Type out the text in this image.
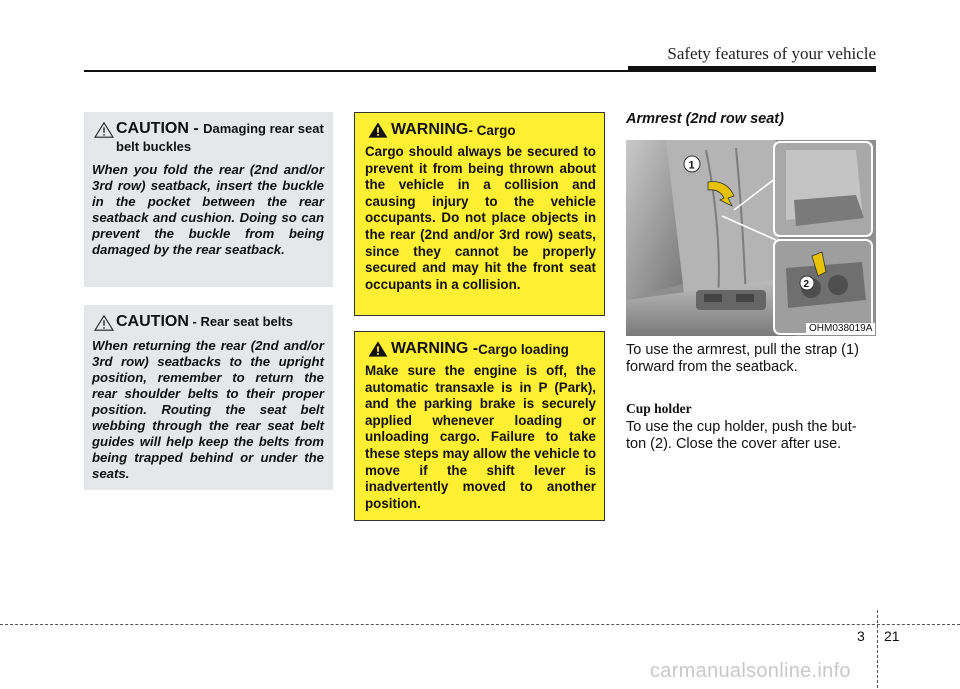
Safety features of your vehicle
CAUTION - Damaging rear seat belt buckles
When you fold the rear (2nd and/or 3rd row) seatback, insert the buckle in the pocket between the rear seatback and cushion. Doing so can prevent the buckle from being damaged by the rear seatback.
CAUTION - Rear seat belts
When returning the rear (2nd and/or 3rd row) seatbacks to the upright position, remember to return the rear shoulder belts to their proper position. Routing the seat belt webbing through the rear seat belt guides will help keep the belts from being trapped behind or under the seats.
WARNING - Cargo
Cargo should always be secured to prevent it from being thrown about the vehicle in a collision and causing injury to the vehicle occupants. Do not place objects in the rear (2nd and/or 3rd row) seats, since they cannot be properly secured and may hit the front seat occupants in a collision.
WARNING - Cargo loading
Make sure the engine is off, the automatic transaxle is in P (Park), and the parking brake is securely applied whenever loading or unloading cargo. Failure to take these steps may allow the vehicle to move if the shift lever is inadvertently moved to another position.
Armrest (2nd row seat)
1
2
OHM038019A
To use the armrest, pull the strap (1) forward from the seatback.
Cup holder
To use the cup holder, push the but-ton (2). Close the cover after use.
3 21
carmanualsonline.info
